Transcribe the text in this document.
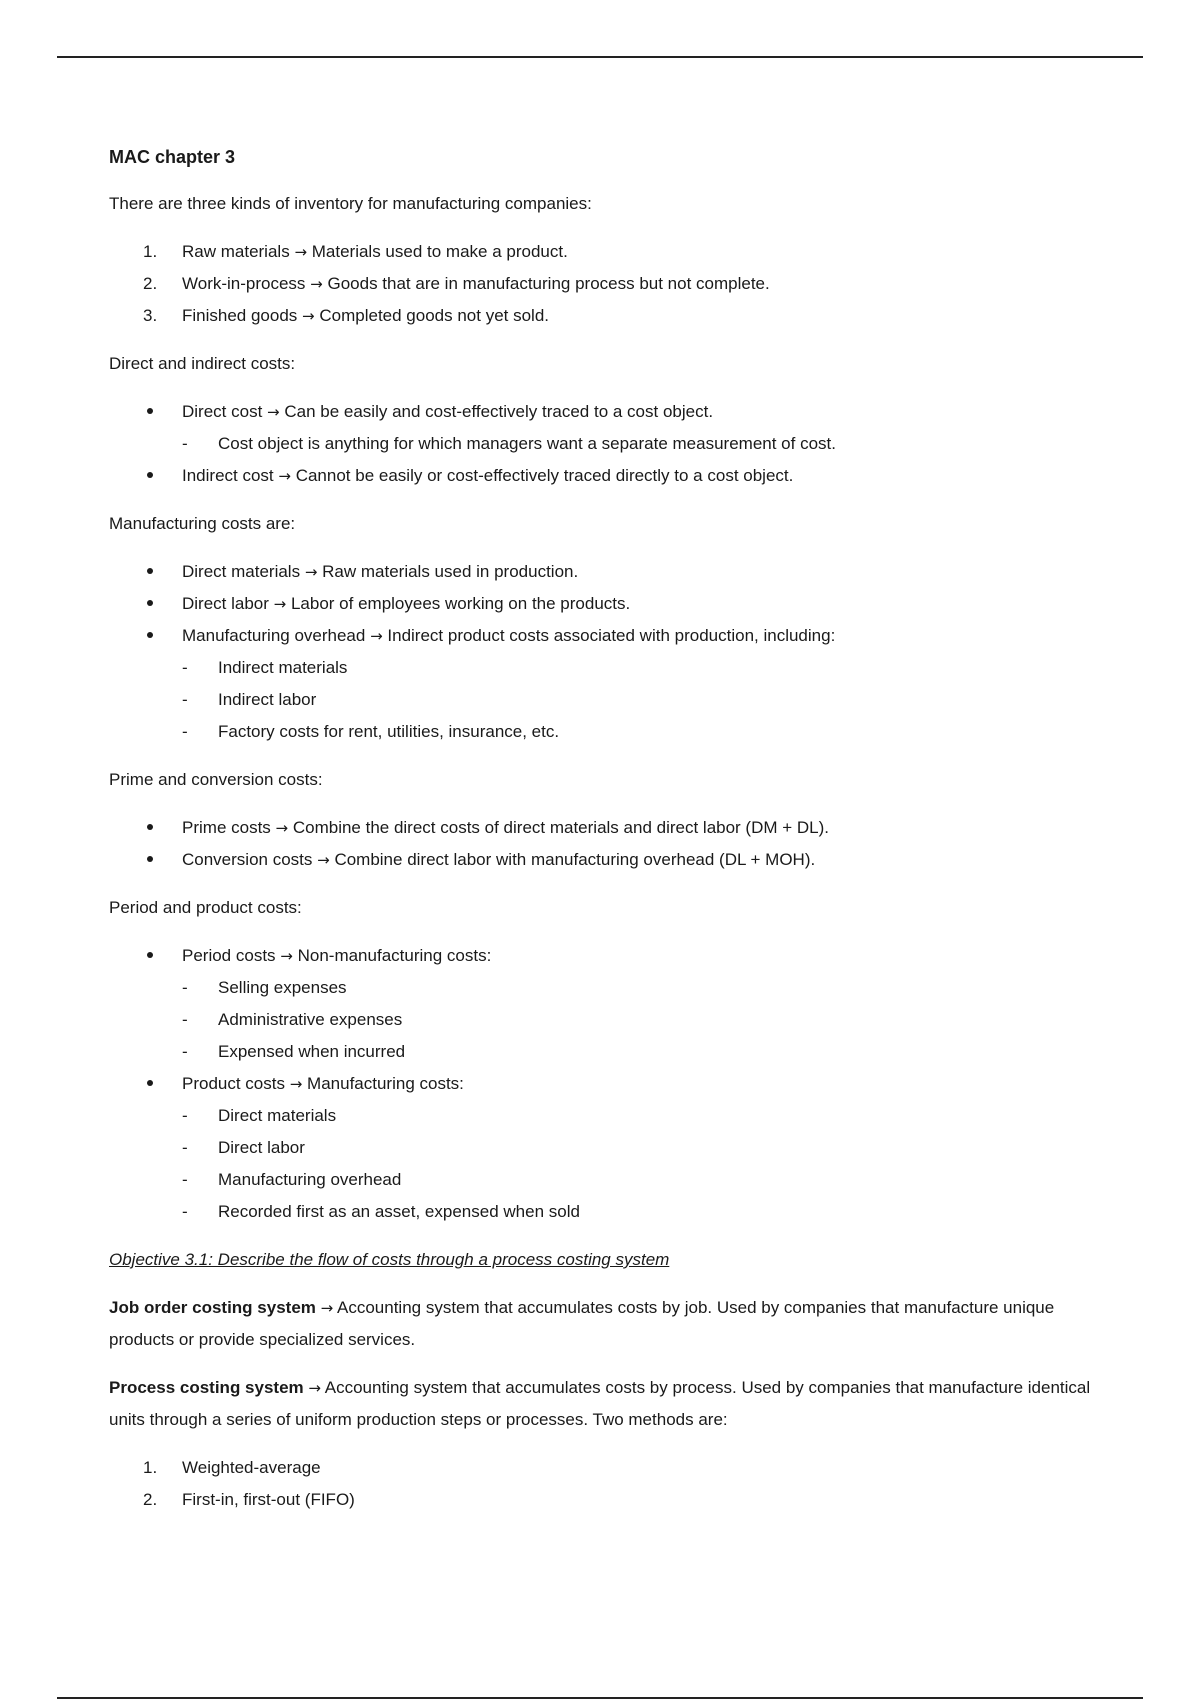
MAC chapter 3
There are three kinds of inventory for manufacturing companies:
1.	Raw materials → Materials used to make a product.
2.	Work-in-process → Goods that are in manufacturing process but not complete.
3.	Finished goods → Completed goods not yet sold.
Direct and indirect costs:
Direct cost → Can be easily and cost-effectively traced to a cost object.
- Cost object is anything for which managers want a separate measurement of cost.
Indirect cost → Cannot be easily or cost-effectively traced directly to a cost object.
Manufacturing costs are:
Direct materials → Raw materials used in production.
Direct labor → Labor of employees working on the products.
Manufacturing overhead → Indirect product costs associated with production, including:
- Indirect materials
- Indirect labor
- Factory costs for rent, utilities, insurance, etc.
Prime and conversion costs:
Prime costs → Combine the direct costs of direct materials and direct labor (DM + DL).
Conversion costs → Combine direct labor with manufacturing overhead (DL + MOH).
Period and product costs:
Period costs → Non-manufacturing costs:
- Selling expenses
- Administrative expenses
- Expensed when incurred
Product costs → Manufacturing costs:
- Direct materials
- Direct labor
- Manufacturing overhead
- Recorded first as an asset, expensed when sold
Objective 3.1: Describe the flow of costs through a process costing system
Job order costing system → Accounting system that accumulates costs by job. Used by companies that manufacture unique products or provide specialized services.
Process costing system → Accounting system that accumulates costs by process. Used by companies that manufacture identical units through a series of uniform production steps or processes. Two methods are:
1.	Weighted-average
2.	First-in, first-out (FIFO)
